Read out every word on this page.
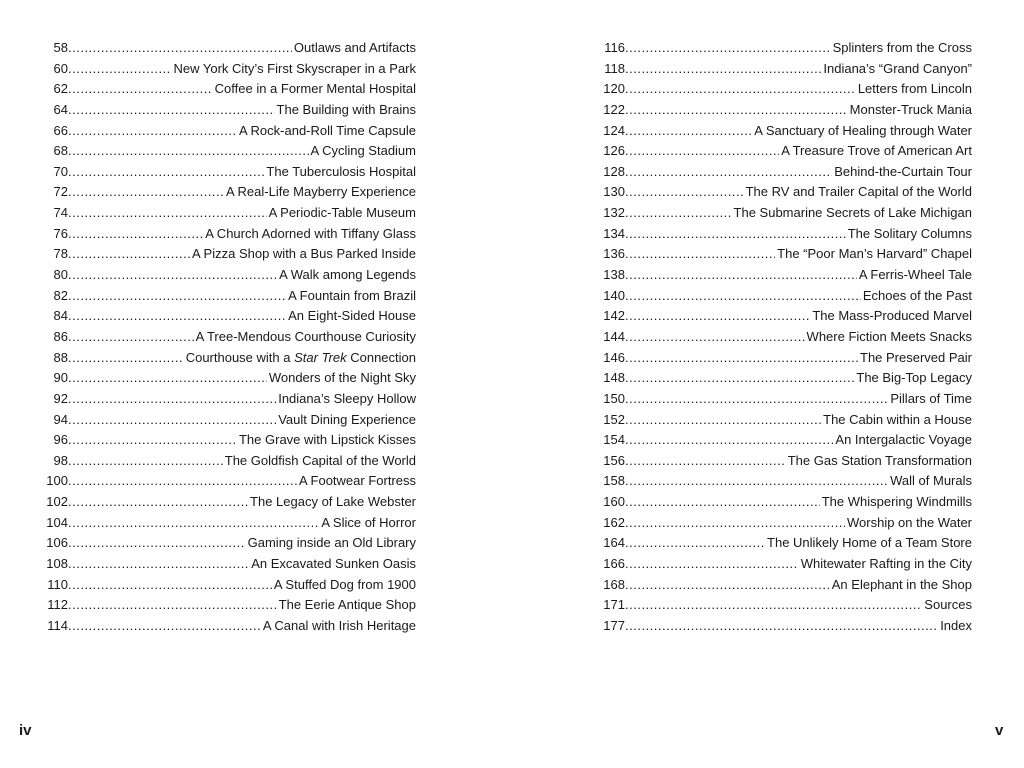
58 .....	Outlaws and Artifacts
60 .....	New York City’s First Skyscraper in a Park
62 .....	Coffee in a Former Mental Hospital
64 .....	The Building with Brains
66 .....	A Rock-and-Roll Time Capsule
68 .....	A Cycling Stadium
70 .....	The Tuberculosis Hospital
72 .....	A Real-Life Mayberry Experience
74 .....	A Periodic-Table Museum
76 .....	A Church Adorned with Tiffany Glass
78 .....	A Pizza Shop with a Bus Parked Inside
80 .....	A Walk among Legends
82 .....	A Fountain from Brazil
84 .....	An Eight-Sided House
86 .....	A Tree-Mendous Courthouse Curiosity
88 .....	Courthouse with a Star Trek Connection
90 .....	Wonders of the Night Sky
92 .....	Indiana’s Sleepy Hollow
94 .....	Vault Dining Experience
96 .....	The Grave with Lipstick Kisses
98 .....	The Goldfish Capital of the World
100 .....	A Footwear Fortress
102 .....	The Legacy of Lake Webster
104 .....	A Slice of Horror
106 .....	Gaming inside an Old Library
108 .....	An Excavated Sunken Oasis
110 .....	A Stuffed Dog from 1900
112 .....	The Eerie Antique Shop
114 .....	A Canal with Irish Heritage
116 .....	Splinters from the Cross
118 .....	Indiana’s “Grand Canyon”
120 .....	Letters from Lincoln
122 .....	Monster-Truck Mania
124 .....	A Sanctuary of Healing through Water
126 .....	A Treasure Trove of American Art
128 .....	Behind-the-Curtain Tour
130 .....	The RV and Trailer Capital of the World
132 .....	The Submarine Secrets of Lake Michigan
134 .....	The Solitary Columns
136 .....	The “Poor Man’s Harvard” Chapel
138 .....	A Ferris-Wheel Tale
140 .....	Echoes of the Past
142 .....	The Mass-Produced Marvel
144 .....	Where Fiction Meets Snacks
146 .....	The Preserved Pair
148 .....	The Big-Top Legacy
150 .....	Pillars of Time
152 .....	The Cabin within a House
154 .....	An Intergalactic Voyage
156 .....	The Gas Station Transformation
158 .....	Wall of Murals
160 .....	The Whispering Windmills
162 .....	Worship on the Water
164 .....	The Unlikely Home of a Team Store
166 .....	Whitewater Rafting in the City
168 .....	An Elephant in the Shop
171 .....	Sources
177 .....	Index
iv	v
